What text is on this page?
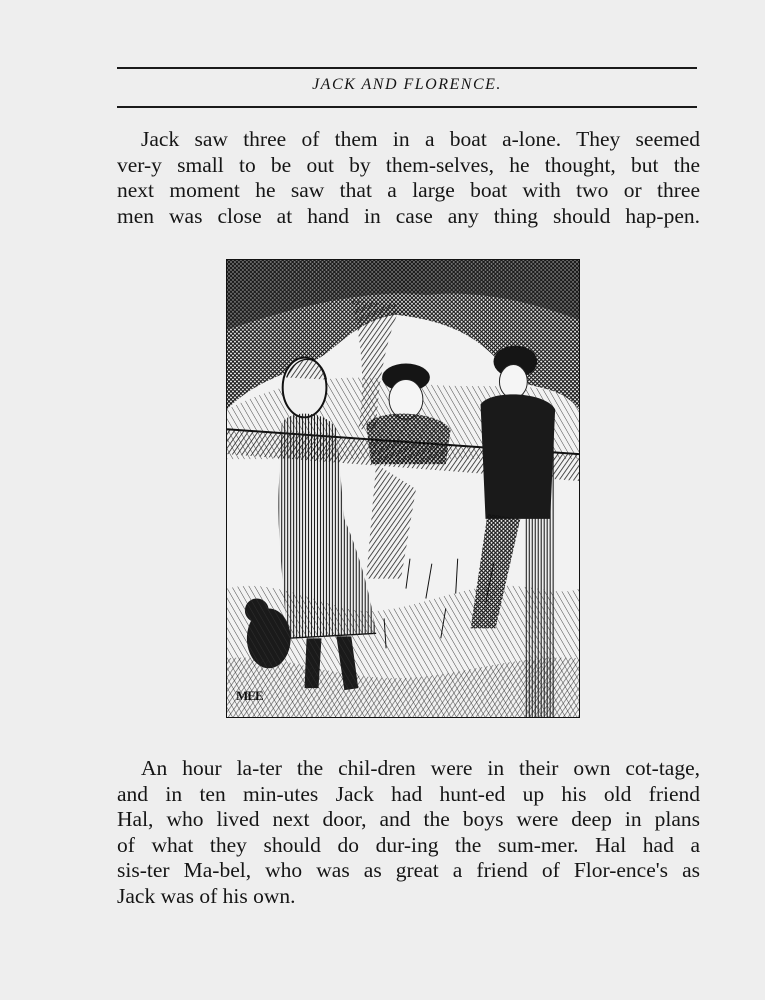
JACK AND FLORENCE.
Jack saw three of them in a boat a-lone. They seemed
ver-y small to be out by them-selves, he thought, but the
next moment he saw that a large boat with two or three
men was close at hand in case any thing should hap-pen.
MEE
An hour la-ter the chil-dren were in their own cot-tage,
and in ten min-utes Jack had hunt-ed up his old friend
Hal, who lived next door, and the boys were deep in plans
of what they should do dur-ing the sum-mer. Hal had a
sis-ter Ma-bel, who was as great a friend of Flor-ence's as
Jack was of his own.
